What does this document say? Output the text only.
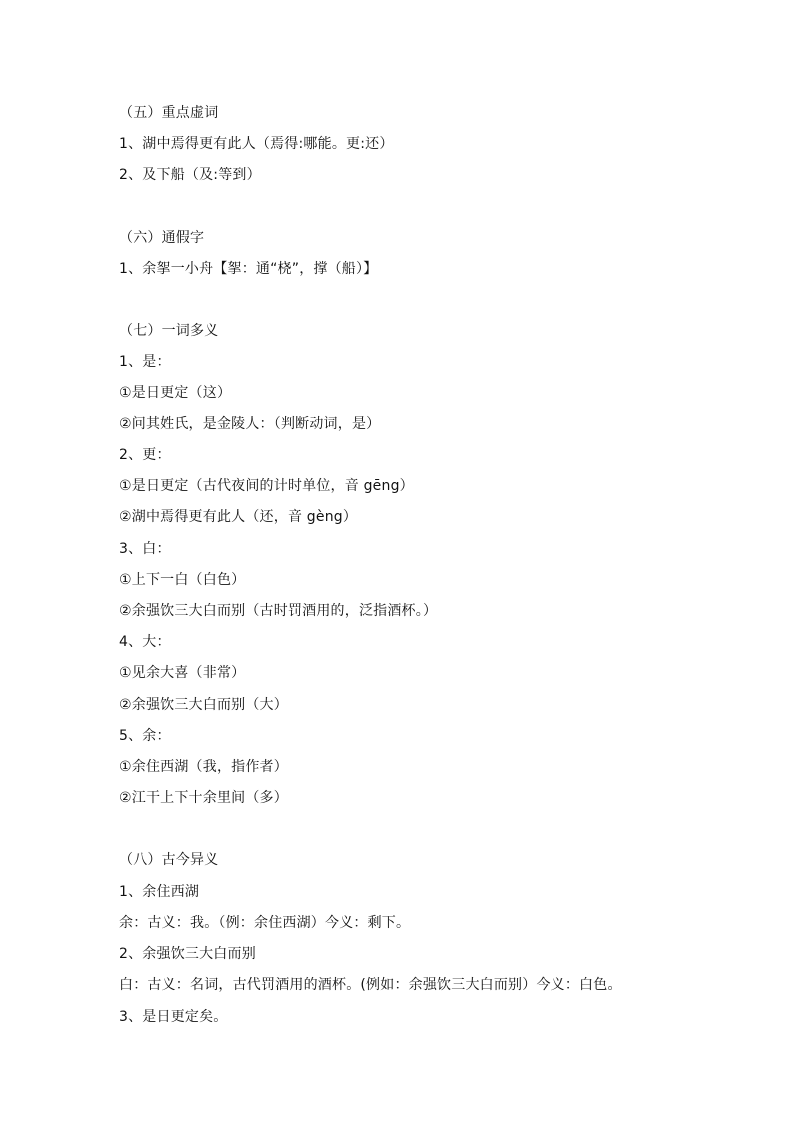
（五）重点虚词
1、湖中焉得更有此人（焉得:哪能。更:还）
2、及下船（及:等到）
（六）通假字
1、余挐一小舟【挐：通“桡”，撑（船）】
（七）一词多义
1、是：
①是日更定（这）
②问其姓氏，是金陵人：（判断动词，是）
2、更：
①是日更定（古代夜间的计时单位，音 gēng）
②湖中焉得更有此人（还，音 gèng）
3、白：
①上下一白（白色）
②余强饮三大白而别（古时罚酒用的，泛指酒杯。）
4、大：
①见余大喜（非常）
②余强饮三大白而别（大）
5、余：
①余住西湖（我，指作者）
②江干上下十余里间（多）
（八）古今异义
1、余住西湖
余：古义：我。（例：余住西湖）今义：剩下。
2、余强饮三大白而别
白：古义：名词，古代罚酒用的酒杯。(例如：余强饮三大白而别）今义：白色。
3、是日更定矣。
